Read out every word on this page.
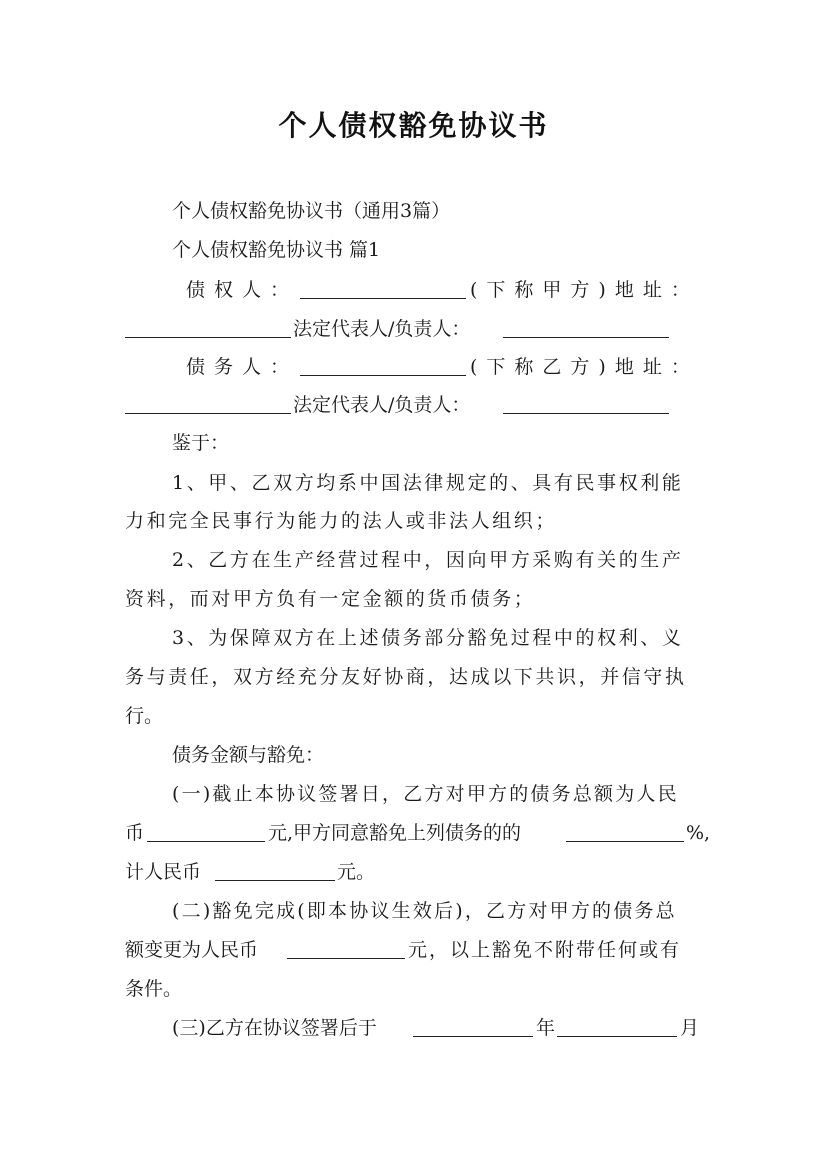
个人债权豁免协议书
个人债权豁免协议书（通用3篇）
个人债权豁免协议书 篇1
债权人：	(下称甲方)地址：
法定代表人/负责人：
债务人：	(下称乙方)地址：
法定代表人/负责人：
鉴于：
1、甲、乙双方均系中国法律规定的、具有民事权利能
力和完全民事行为能力的法人或非法人组织；
2、乙方在生产经营过程中，因向甲方采购有关的生产
资料，而对甲方负有一定金额的货币债务；
3、为保障双方在上述债务部分豁免过程中的权利、义
务与责任，双方经充分友好协商，达成以下共识，并信守执
行。
债务金额与豁免：
(一)截止本协议签署日，乙方对甲方的债务总额为人民
币	元,甲方同意豁免上列债务的的	%,
计人民币	元。
(二)豁免完成(即本协议生效后)，乙方对甲方的债务总
额变更为人民币	元，以上豁免不附带任何或有
条件。
(三)乙方在协议签署后于	年	月
